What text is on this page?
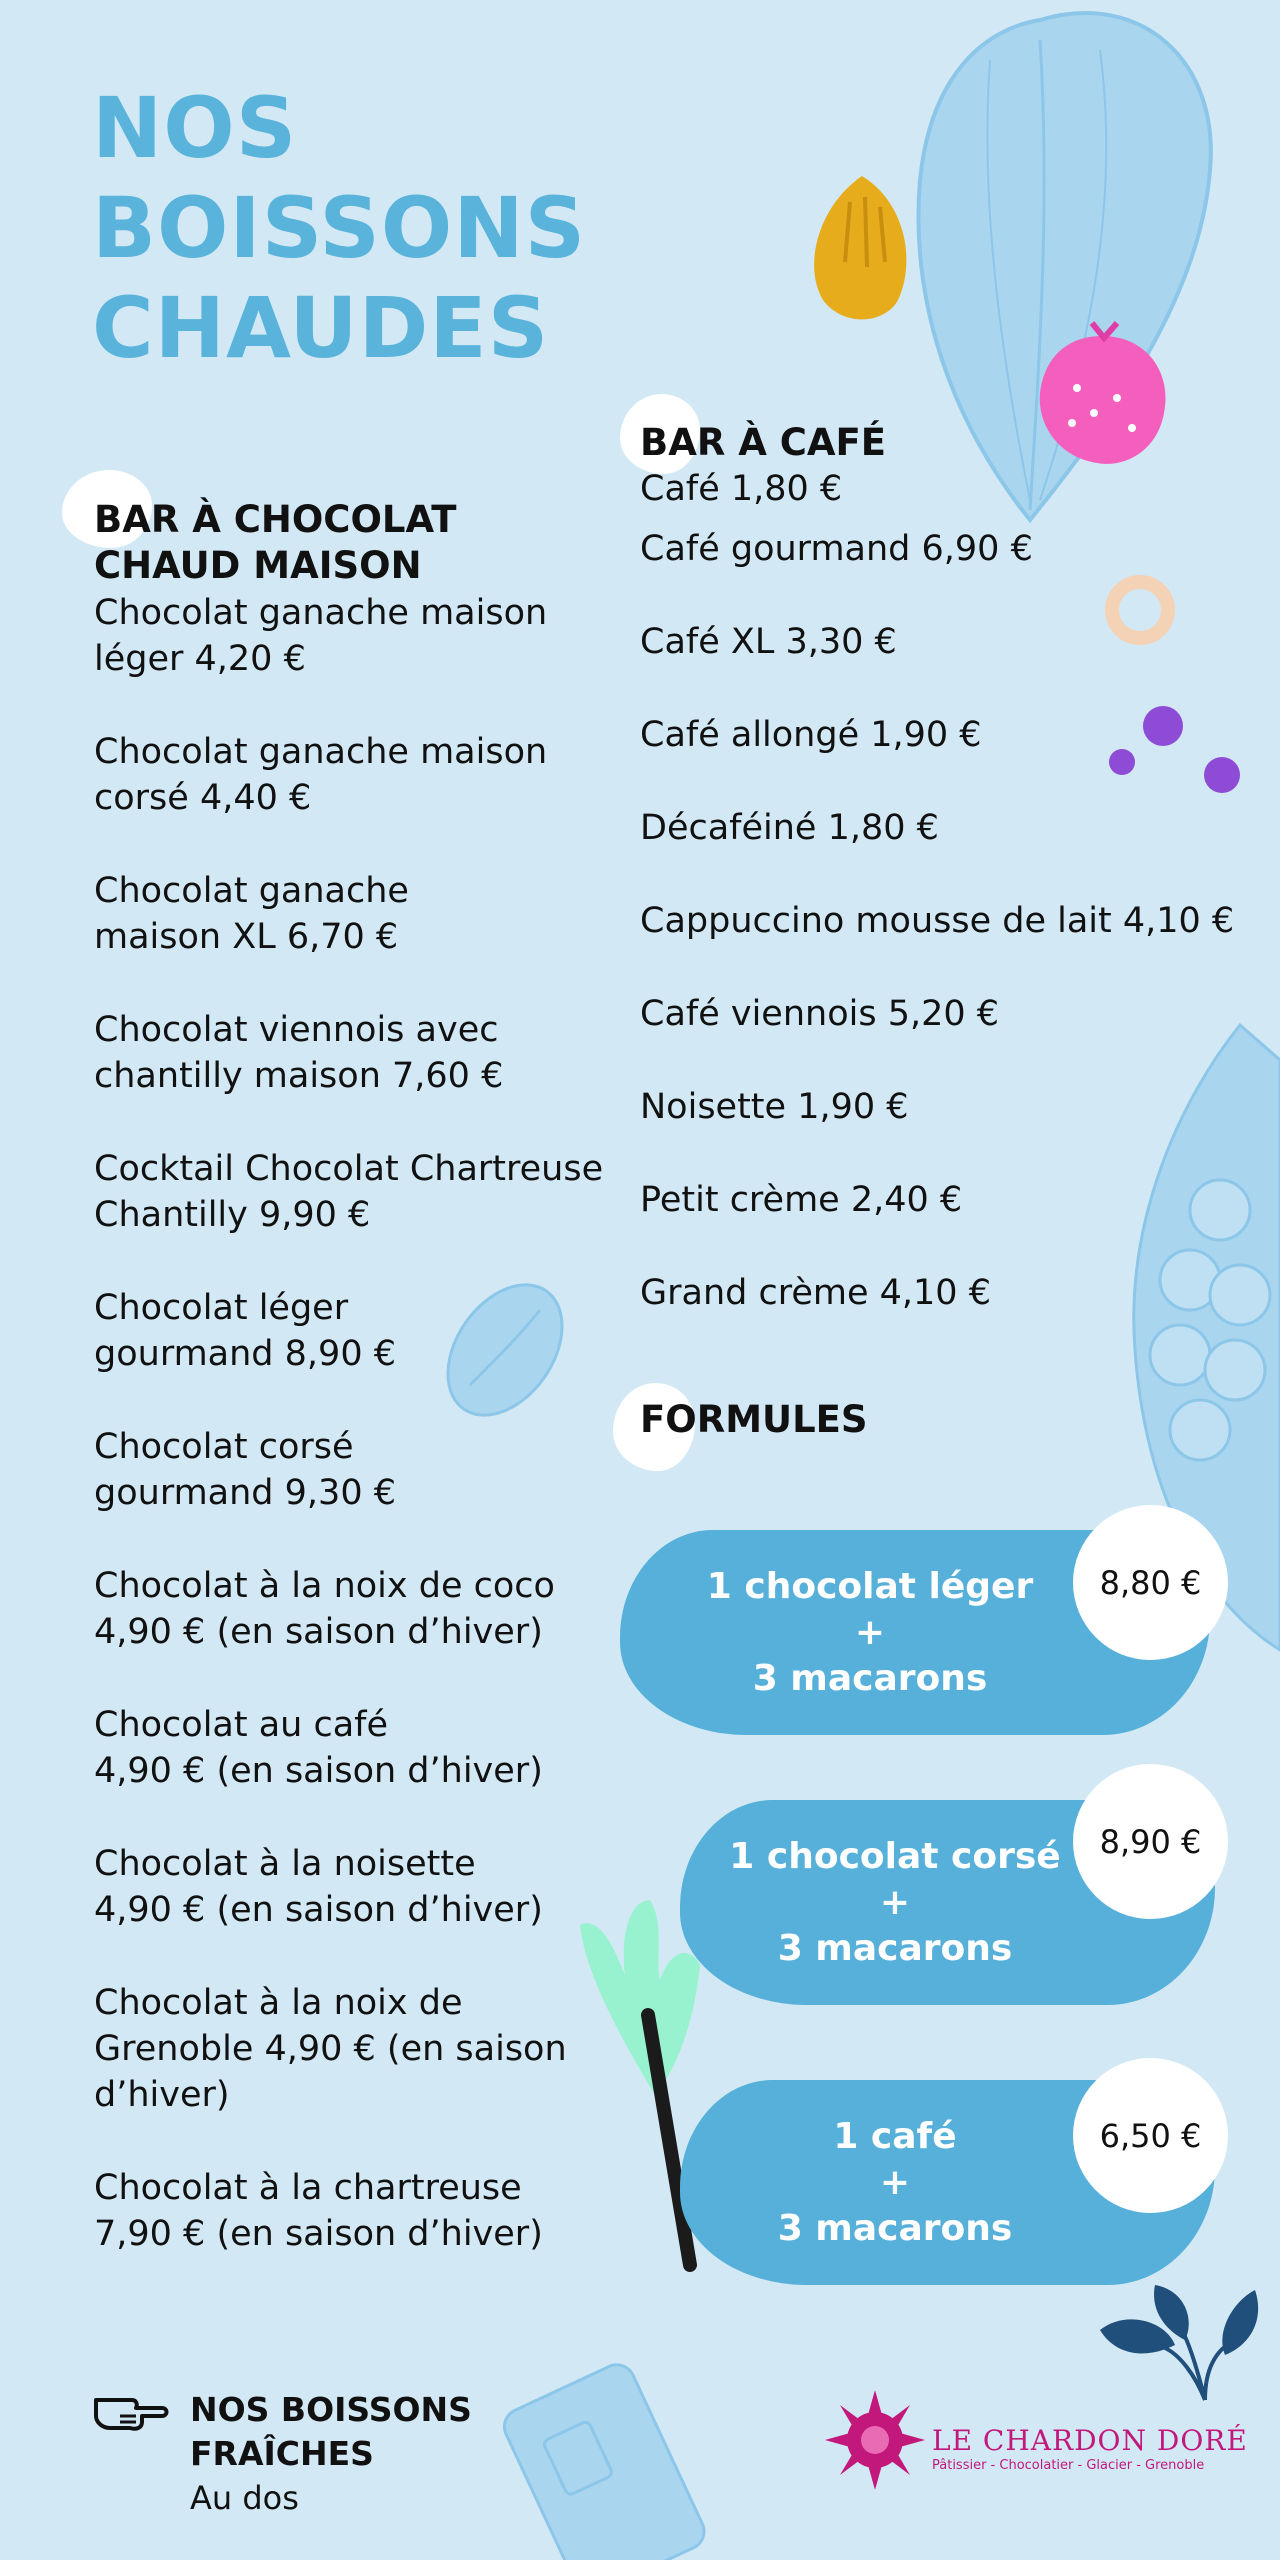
NOS
BOISSONS
CHAUDES
BAR À CHOCOLAT
CHAUD MAISON
Chocolat ganache maison
léger 4,20 €
Chocolat ganache maison
corsé 4,40 €
Chocolat ganache
maison XL 6,70 €
Chocolat viennois avec
chantilly maison 7,60 €
Cocktail Chocolat Chartreuse
Chantilly 9,90 €
Chocolat léger
gourmand 8,90 €
Chocolat corsé
gourmand 9,30 €
Chocolat à la noix de coco
4,90 € (en saison d’hiver)
Chocolat au café
4,90 € (en saison d’hiver)
Chocolat à la noisette
4,90 € (en saison d’hiver)
Chocolat à la noix de
Grenoble 4,90 € (en saison
d’hiver)
Chocolat à la chartreuse
7,90 € (en saison d’hiver)
BAR À CAFÉ
Café 1,80 €
Café gourmand 6,90 €
Café XL 3,30 €
Café allongé 1,90 €
Décaféiné 1,80 €
Cappuccino mousse de lait 4,10 €
Café viennois 5,20 €
Noisette 1,90 €
Petit crème 2,40 €
Grand crème 4,10 €
FORMULES
1 chocolat léger
+
3 macarons
8,80 €
1 chocolat corsé
+
3 macarons
8,90 €
1 café
+
3 macarons
6,50 €
NOS BOISSONS
FRAÎCHES
Au dos
LE CHARDON DORÉ
Pâtissier - Chocolatier - Glacier - Grenoble
